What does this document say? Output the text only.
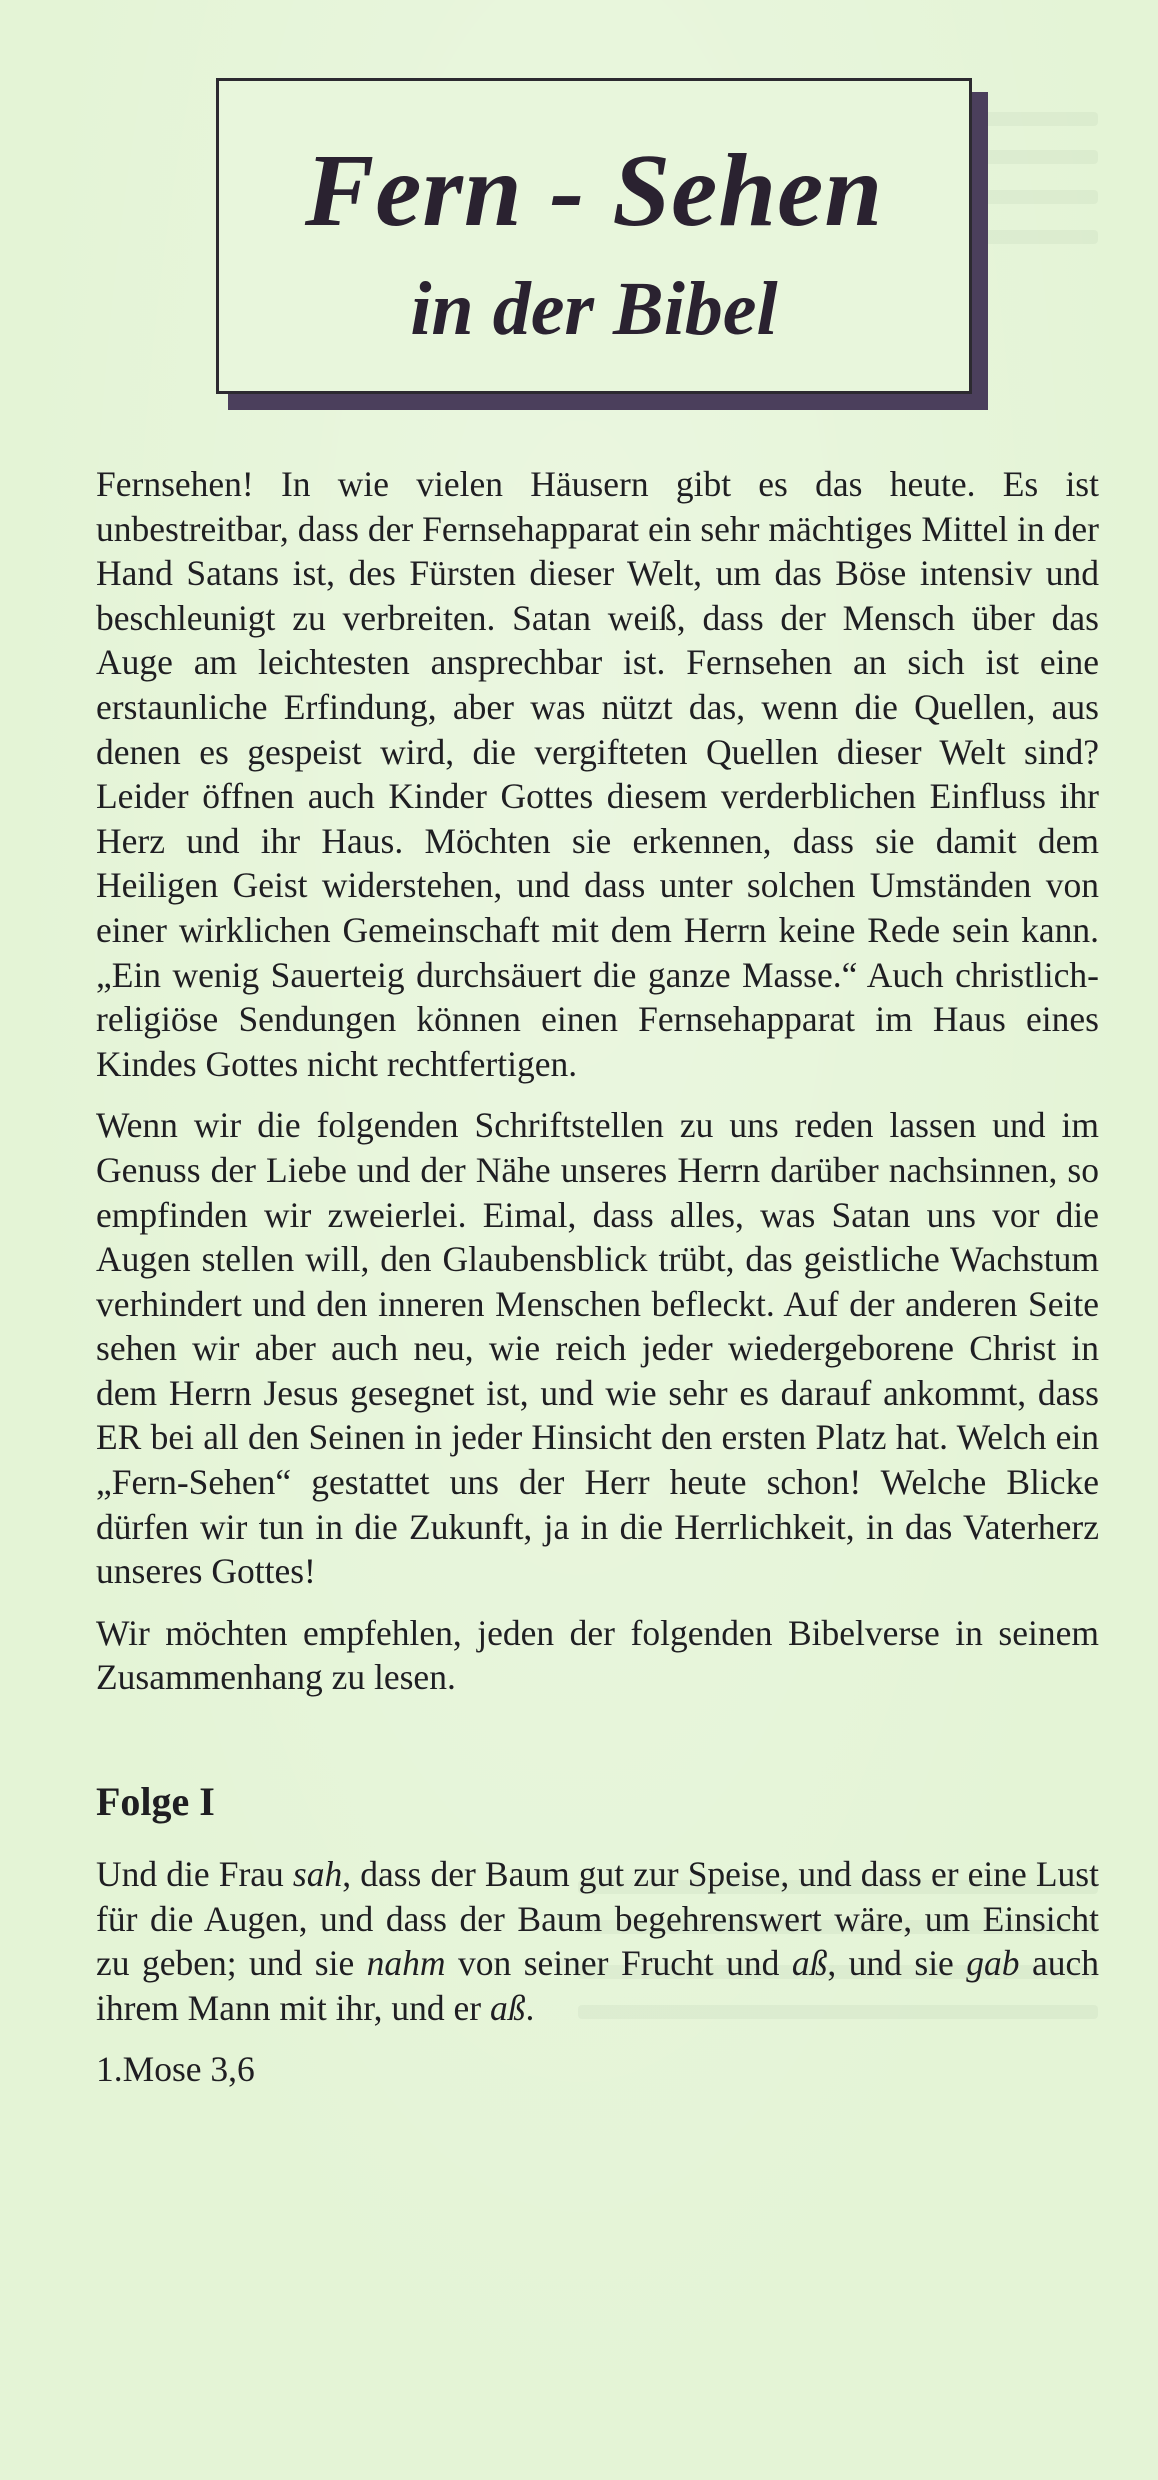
Fern - Sehen
in der Bibel

Fernsehen! In wie vielen Häusern gibt es das heute. Es ist unbestreitbar, dass der Fernsehapparat ein sehr mächtiges Mittel in der Hand Satans ist, des Fürsten dieser Welt, um das Böse intensiv und beschleunigt zu verbreiten. Satan weiß, dass der Mensch über das Auge am leichtesten ansprechbar ist. Fernsehen an sich ist eine erstaunliche Erfindung, aber was nützt das, wenn die Quellen, aus denen es gespeist wird, die vergifteten Quellen dieser Welt sind? Leider öffnen auch Kinder Gottes diesem verderblichen Einfluss ihr Herz und ihr Haus. Möchten sie erkennen, dass sie damit dem Heiligen Geist widerstehen, und dass unter solchen Umständen von einer wirklichen Gemeinschaft mit dem Herrn keine Rede sein kann. „Ein wenig Sauerteig durchsäuert die ganze Masse.“ Auch christlich-religiöse Sendungen können einen Fernsehapparat im Haus eines Kindes Gottes nicht rechtfertigen.

Wenn wir die folgenden Schriftstellen zu uns reden lassen und im Genuss der Liebe und der Nähe unseres Herrn darüber nachsinnen, so empfinden wir zweierlei. Eimal, dass alles, was Satan uns vor die Augen stellen will, den Glaubensblick trübt, das geistliche Wachstum verhindert und den inneren Menschen befleckt. Auf der anderen Seite sehen wir aber auch neu, wie reich jeder wiedergeborene Christ in dem Herrn Jesus gesegnet ist, und wie sehr es darauf ankommt, dass ER bei all den Seinen in jeder Hinsicht den ersten Platz hat. Welch ein „Fern-Sehen“ gestattet uns der Herr heute schon! Welche Blicke dürfen wir tun in die Zukunft, ja in die Herrlichkeit, in das Vaterherz unseres Gottes!

Wir möchten empfehlen, jeden der folgenden Bibelverse in seinem Zusammenhang zu lesen.

Folge I

Und die Frau sah, dass der Baum gut zur Speise, und dass er eine Lust für die Augen, und dass der Baum begehrenswert wäre, um Einsicht zu geben; und sie nahm von seiner Frucht und aß, und sie gab auch ihrem Mann mit ihr, und er aß.

1.Mose 3,6
